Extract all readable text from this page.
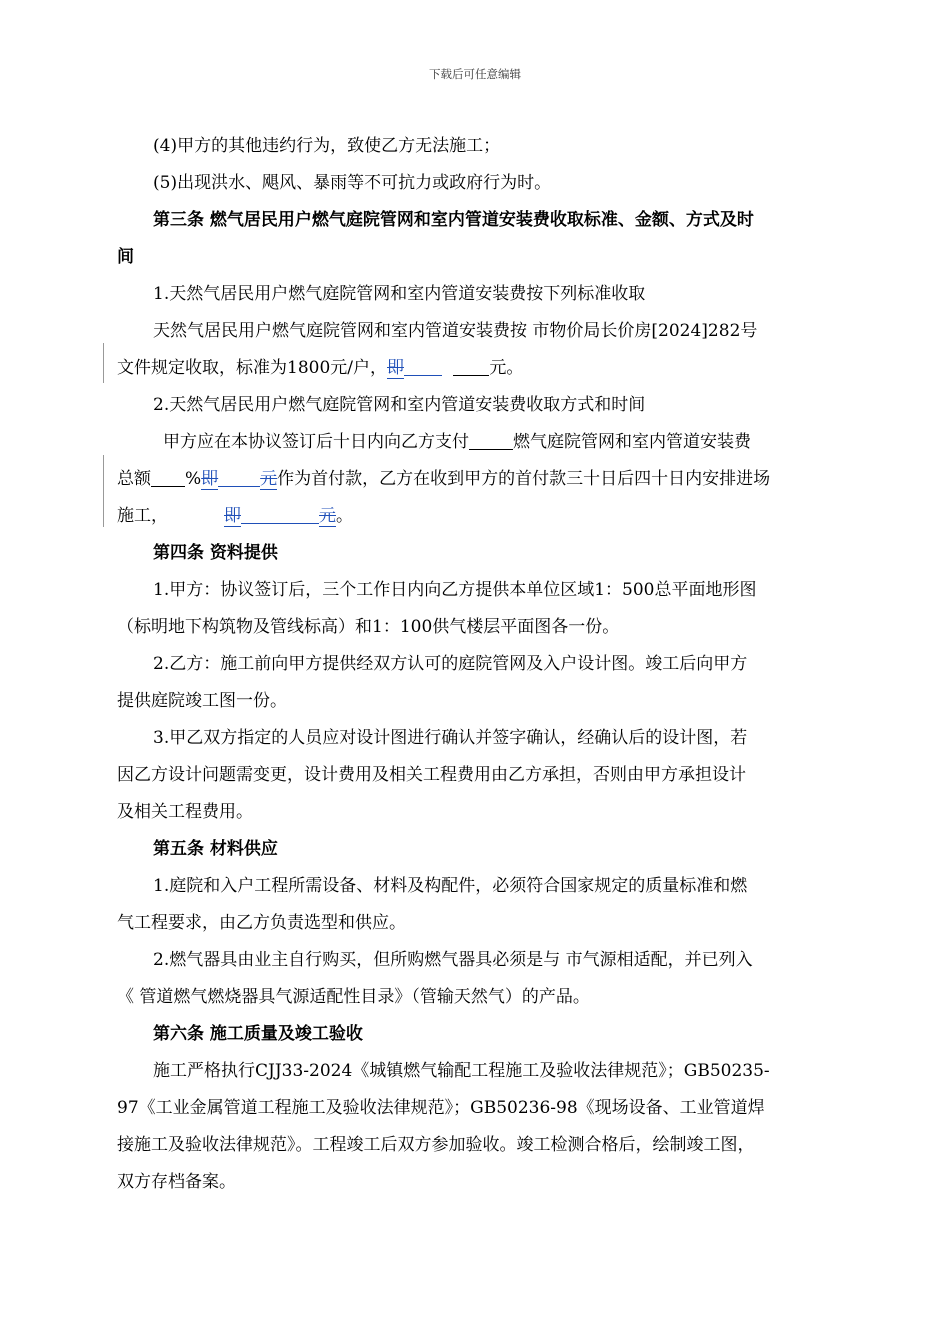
下载后可任意编辑
(4)甲方的其他违约行为，致使乙方无法施工；
(5)出现洪水、飓风、暴雨等不可抗力或政府行为时。
第三条 燃气居民用户燃气庭院管网和室内管道安装费收取标准、金额、方式及时
间
1.天然气居民用户燃气庭院管网和室内管道安装费按下列标准收取
天然气居民用户燃气庭院管网和室内管道安装费按 市物价局长价房[2024]282号
文件规定收取，标准为1800元/户，即	元。
2.天然气居民用户燃气庭院管网和室内管道安装费收取方式和时间
甲方应在本协议签订后十日内向乙方支付	燃气庭院管网和室内管道安装费
总额 %即 元作为首付款，乙方在收到甲方的首付款三十日后四十日内安排进场
施工，	即	元。
第四条 资料提供
1.甲方：协议签订后，三个工作日内向乙方提供本单位区域1：500总平面地形图
（标明地下构筑物及管线标高）和1：100供气楼层平面图各一份。
2.乙方：施工前向甲方提供经双方认可的庭院管网及入户设计图。竣工后向甲方
提供庭院竣工图一份。
3.甲乙双方指定的人员应对设计图进行确认并签字确认，经确认后的设计图，若
因乙方设计问题需变更，设计费用及相关工程费用由乙方承担，否则由甲方承担设计
及相关工程费用。
第五条 材料供应
1.庭院和入户工程所需设备、材料及构配件，必须符合国家规定的质量标准和燃
气工程要求，由乙方负责选型和供应。
2.燃气器具由业主自行购买，但所购燃气器具必须是与 市气源相适配，并已列入
《 管道燃气燃烧器具气源适配性目录》（管输天然气）的产品。
第六条 施工质量及竣工验收
施工严格执行CJJ33-2024《城镇燃气输配工程施工及验收法律规范》；GB50235-
97《工业金属管道工程施工及验收法律规范》；GB50236-98《现场设备、工业管道焊
接施工及验收法律规范》。工程竣工后双方参加验收。竣工检测合格后，绘制竣工图，
双方存档备案。
